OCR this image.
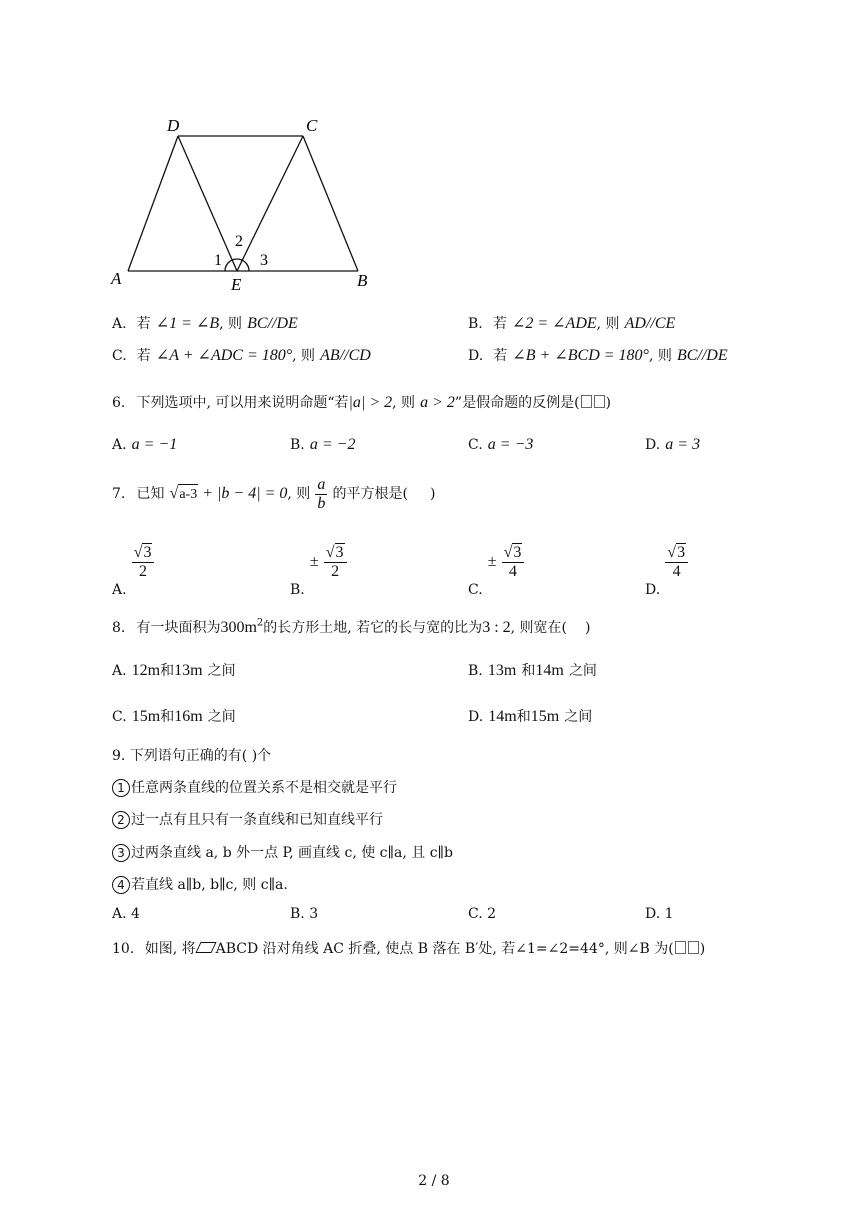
D	C
A	E	B
1
2
3
A. 若 ∠1 = ∠B, 则 BC//DE	B. 若 ∠2 = ∠ADE, 则 AD//CE
C. 若 ∠A + ∠ADC = 180°, 则 AB//CD	D. 若 ∠B + ∠BCD = 180°, 则 BC//DE
6. 下列选项中, 可以用来说明命题“若|a| > 2, 则 a > 2”是假命题的反例是( )
A. a = −1	B. a = −2	C. a = −3	D. a = 3
7. 已知 √a-3 + |b − 4| = 0, 则 $\frac{a}{b}$ 的平方根是( )
A.
$\frac{√3}{2}$
B. ± $\frac{√3}{2}$
C. ± $\frac{√3}{4}$
D.
$\frac{√3}{4}$
8. 有一块面积为$300m^2$的长方形土地, 若它的长与宽的比为3 : 2, 则宽在( )
A. 12m和13m 之间	B. 13m 和14m 之间
C. 15m和16m 之间	D. 14m和15m 之间
9. 下列语句正确的有( )个
1 任意两条直线的位置关系不是相交就是平行
2 过一点有且只有一条直线和已知直线平行
3 过两条直线 a, b 外一点 P, 画直线 c, 使 c∥a, 且 c∥b
4 若直线 a∥b, b∥c, 则 c∥a.
A. 4	B. 3	C. 2	D. 1
10. 如图, 将 ABCD 沿对角线 AC 折叠, 使点 B 落在 B′处, 若∠1=∠2=44°, 则∠B 为( )
2 / 8
